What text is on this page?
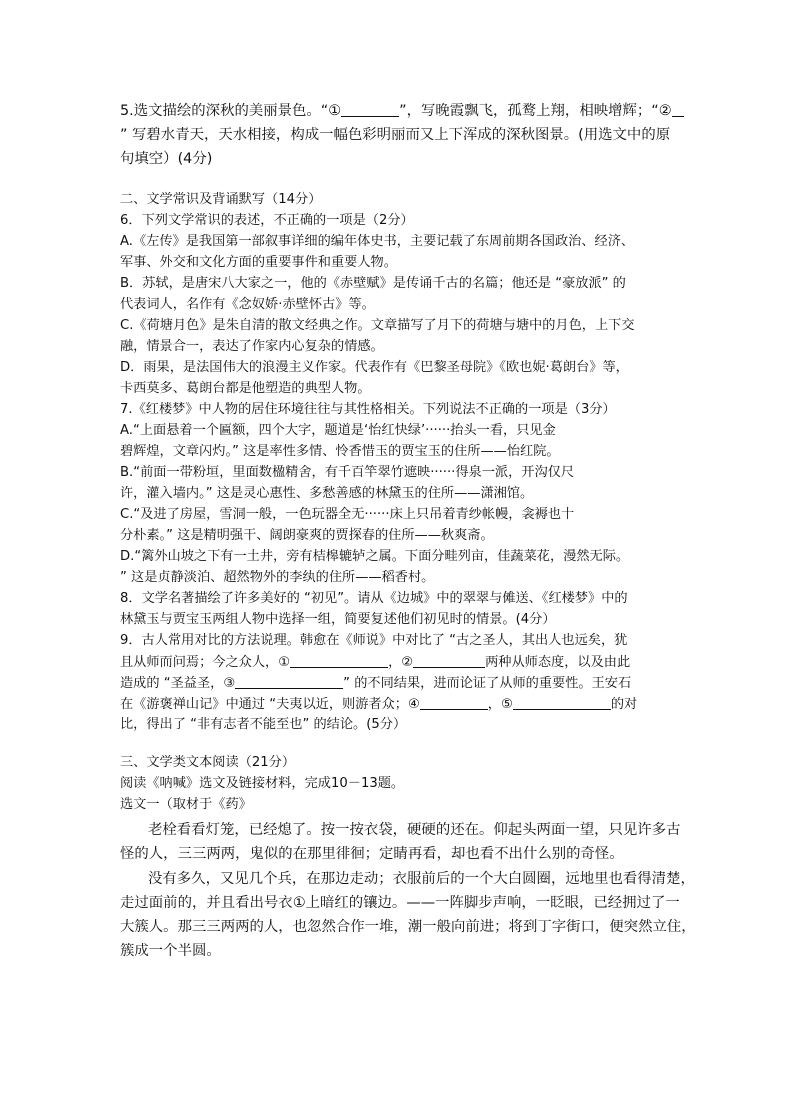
5.选文描绘的深秋的美丽景色。“①	”，写晚霞飘飞，孤鹜上翔，相映增辉；“②
” 写碧水青天，天水相接，构成一幅色彩明丽而又上下浑成的深秋图景。(用选文中的原
句填空）(4分)
二、文学常识及背诵默写（14分）
6．下列文学常识的表述，不正确的一项是（2分）
A.《左传》是我国第一部叙事详细的编年体史书，主要记载了东周前期各国政治、经济、
军事、外交和文化方面的重要事件和重要人物。
B．苏轼，是唐宋八大家之一，他的《赤壁赋》是传诵千古的名篇；他还是 “豪放派” 的
代表词人，名作有《念奴娇·赤壁怀古》等。
C.《荷塘月色》是朱自清的散文经典之作。文章描写了月下的荷塘与塘中的月色，上下交
融，情景合一，表达了作家内心复杂的情感。
D．雨果，是法国伟大的浪漫主义作家。代表作有《巴黎圣母院》《欧也妮·葛朗台》等，
卡西莫多、葛朗台都是他塑造的典型人物。
7.《红楼梦》中人物的居住环境往往与其性格相关。下列说法不正确的一项是（3分）
A.“上面悬着一个匾额，四个大字，题道是‘怡红快绿’······抬头一看，只见金
碧辉煌，文章闪灼。” 这是率性多情、怜香惜玉的贾宝玉的住所——怡红院。
B.“前面一带粉垣，里面数楹精舍，有千百竿翠竹遮映······得泉一派，开沟仅尺
许，灌入墙内。” 这是灵心惠性、多愁善感的林黛玉的住所——潇湘馆。
C.“及进了房屋，雪洞一般，一色玩器全无······床上只吊着青纱帐幔，衾褥也十
分朴素。” 这是精明强干、阔朗豪爽的贾探春的住所——秋爽斋。
D.“篱外山坡之下有一土井，旁有桔槔辘轳之属。下面分畦列亩，佳蔬菜花，漫然无际。
” 这是贞静淡泊、超然物外的李纨的住所——稻香村。
8．文学名著描绘了许多美好的 “初见”。请从《边城》中的翠翠与傩送、《红楼梦》中的
林黛玉与贾宝玉两组人物中选择一组，简要复述他们初见时的情景。(4分）
9．古人常用对比的方法说理。韩愈在《师说》中对比了 “古之圣人，其出人也远矣，犹
且从师而问焉；今之众人，①	，②	两种从师态度，以及由此
造成的 “圣益圣，③	” 的不同结果，进而论证了从师的重要性。王安石
在《游褒禅山记》中通过 “夫夷以近，则游者众；④	，⑤	的对
比，得出了 “非有志者不能至也” 的结论。(5分）
三、文学类文本阅读（21分）
阅读《呐喊》选文及链接材料，完成10－13题。
选文一（取材于《药》
老栓看看灯笼，已经熄了。按一按衣袋，硬硬的还在。仰起头两面一望，只见许多古
怪的人，三三两两，鬼似的在那里徘徊；定睛再看，却也看不出什么别的奇怪。
没有多久，又见几个兵，在那边走动；衣服前后的一个大白圆圈，远地里也看得清楚，
走过面前的，并且看出号衣①上暗红的镶边。——一阵脚步声响，一眨眼，已经拥过了一
大簇人。那三三两两的人，也忽然合作一堆，潮一般向前进；将到丁字街口，便突然立住，
簇成一个半圆。
